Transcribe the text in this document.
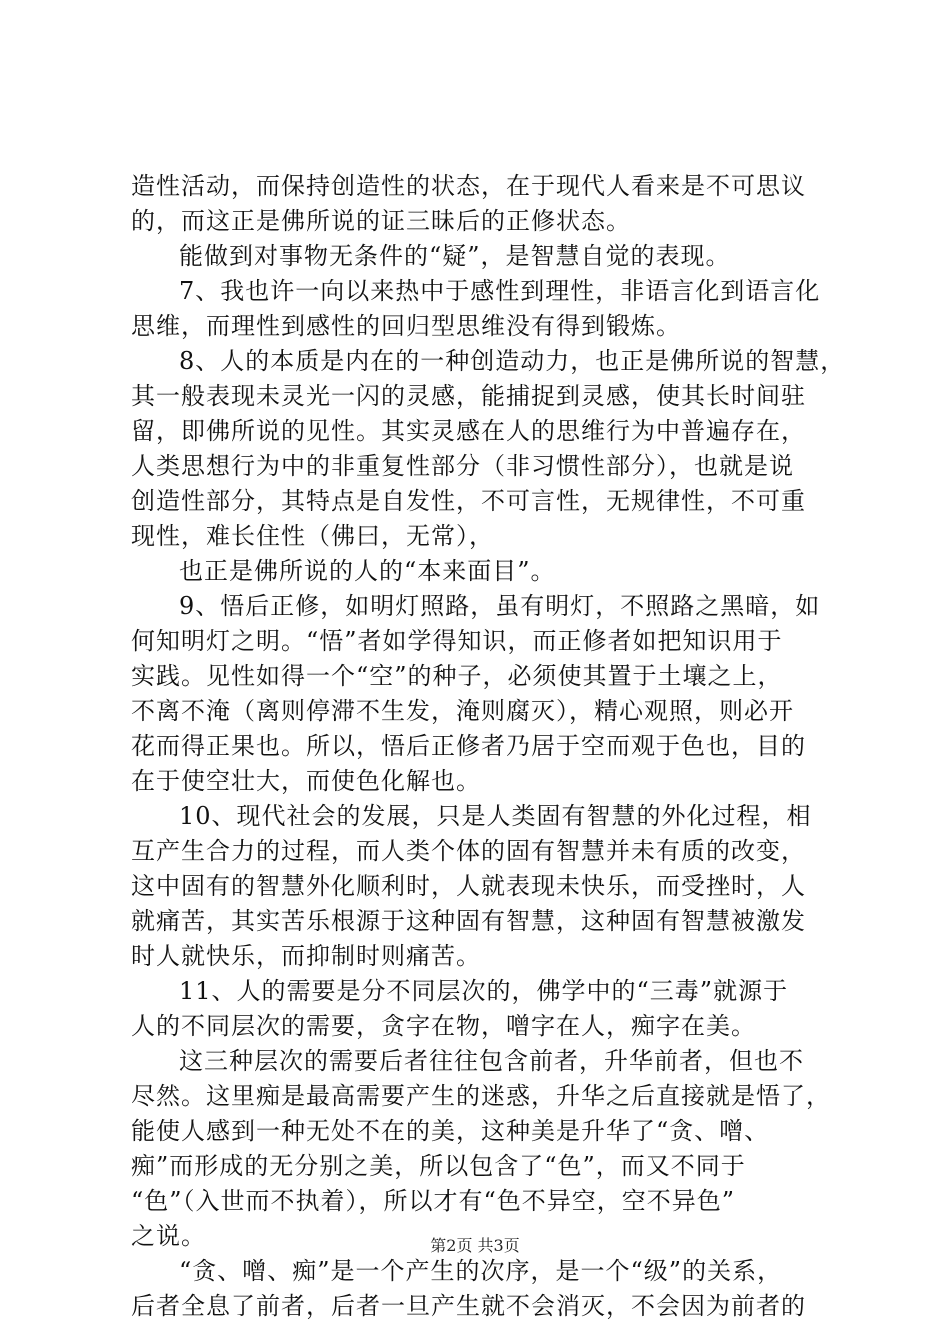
造性活动，而保持创造性的状态，在于现代人看来是不可思议
的，而这正是佛所说的证三昧后的正修状态。
能做到对事物无条件的“疑”，是智慧自觉的表现。
7、我也许一向以来热中于感性到理性，非语言化到语言化
思维，而理性到感性的回归型思维没有得到锻炼。
8、人的本质是内在的一种创造动力，也正是佛所说的智慧，
其一般表现未灵光一闪的灵感，能捕捉到灵感，使其长时间驻
留，即佛所说的见性。其实灵感在人的思维行为中普遍存在，
人类思想行为中的非重复性部分（非习惯性部分），也就是说
创造性部分，其特点是自发性，不可言性，无规律性，不可重
现性，难长住性（佛曰，无常），
也正是佛所说的人的“本来面目”。
9、悟后正修，如明灯照路，虽有明灯，不照路之黑暗，如
何知明灯之明。“悟”者如学得知识，而正修者如把知识用于
实践。见性如得一个“空”的种子，必须使其置于土壤之上，
不离不淹（离则停滞不生发，淹则腐灭），精心观照，则必开
花而得正果也。所以，悟后正修者乃居于空而观于色也，目的
在于使空壮大，而使色化解也。
10、现代社会的发展，只是人类固有智慧的外化过程，相
互产生合力的过程，而人类个体的固有智慧并未有质的改变，
这中固有的智慧外化顺利时，人就表现未快乐，而受挫时，人
就痛苦，其实苦乐根源于这种固有智慧，这种固有智慧被激发
时人就快乐，而抑制时则痛苦。
11、人的需要是分不同层次的，佛学中的“三毒”就源于
人的不同层次的需要，贪字在物，噌字在人，痴字在美。
这三种层次的需要后者往往包含前者，升华前者，但也不
尽然。这里痴是最高需要产生的迷惑，升华之后直接就是悟了，
能使人感到一种无处不在的美，这种美是升华了“贪、噌、
痴”而形成的无分别之美，所以包含了“色”，而又不同于
“色”（入世而不执着），所以才有“色不异空，空不异色”
之说。
“贪、噌、痴”是一个产生的次序，是一个“级”的关系，
后者全息了前者，后者一旦产生就不会消灭，不会因为前者的
第2页 共3页
